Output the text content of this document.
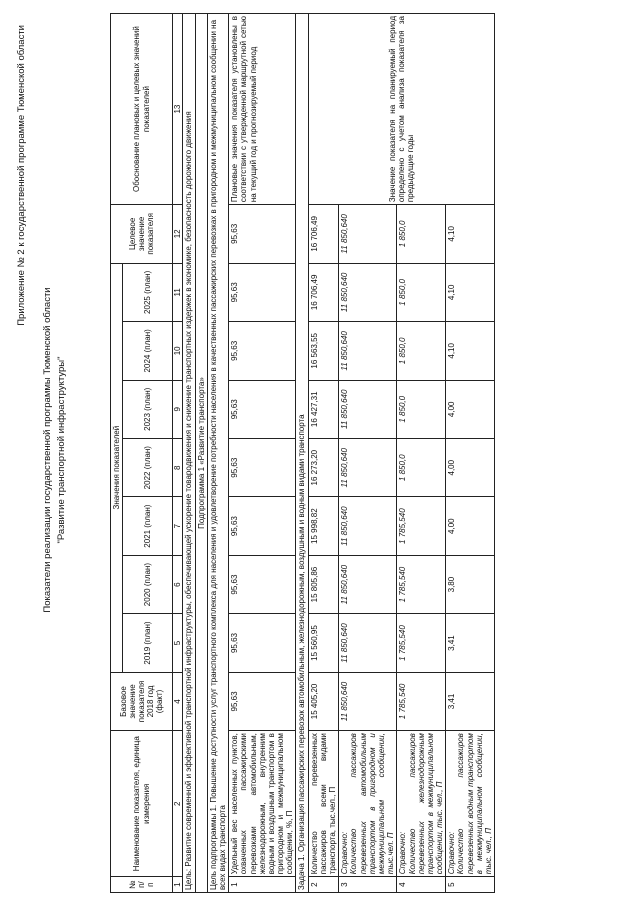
Приложение № 2 к государственной программе Тюменской области
Показатели реализации государственной программы Тюменской области "Развитие транспортной инфраструктуры"
№ п/ п	Наименование показателя, единица измерения	Базовое значение показателя 2018 год (факт)	Значения показателей							Целевое значение показателя	Обоснование плановых и целевых значений показателей
			2019 (план)	2020 (план)	2021 (план)	2022 (план)	2023 (план)	2024 (план)	2025 (план)		
1	2	4	5	6	7	8	9	10	11	12	13
Цель: Развитие современной и эффективной транспортной инфраструктуры, обеспечивающей ускорение товародвижения и снижение транспортных издержек в экономике, безопасность дорожного движения											
Подпрограмма 1 «Развитие транспорта»											
Цель подпрограммы 1. Повышение доступности услуг транспортного комплекса для населения и удовлетворение потребности населения в качественных пассажирских перевозках в пригородном и межмуниципальном сообщении на всех видах транспорта											
1	Удельный вес населенных пунктов, охваченных пассажирскими перевозками автомобильным, железнодорожным, внутренним водным и воздушным транспортом в пригородном и межмуниципальном сообщении, %, П	95,63	95,63	95,63	95,63	95,63	95,63	95,63	95,63	95,63	Плановые значения показателя установлены в соответствии с утвержденной маршрутной сетью на текущий год и прогнозируемый период
Задача 1. Организация пассажирских перевозок автомобильным, железнодорожным, воздушным и водным видами транспорта											
2	Количество перевезенных пассажиров всеми видами транспорта, тыс.чел., П	15 405,20	15 560,95	15 805,86	15 998,82	16 273,20	16 427,31	16 563,55	16 706,49	16 706,49	Значение показателя на планируемый период определено с учетом анализа показателя за предыдущие годы
3	Справочно:
Количество пассажиров перевезенных автомобильным транспортом в пригородном и межмуниципальном сообщении, тыс.чел. П	11 850,640	11 850,640	11 850,640	11 850,640	11 850,640	11 850,640	11 850,640	11 850,640	11 850,640	
4	Справочно:
Количество пассажиров перевезенных железнодорожным транспортом в межмуниципальном сообщении, тыс. чел., П	1 785,540	1 785,540	1 785,540	1 785,540	1 850,0	1 850,0	1 850,0	1 850,0	1 850,0	
5	Справочно:
Количество пассажиров перевезенных водным транспортом в межмуниципальном сообщении, тыс. чел., П	3,41	3,41	3,80	4,00	4,00	4,00	4,10	4,10	4,10	
